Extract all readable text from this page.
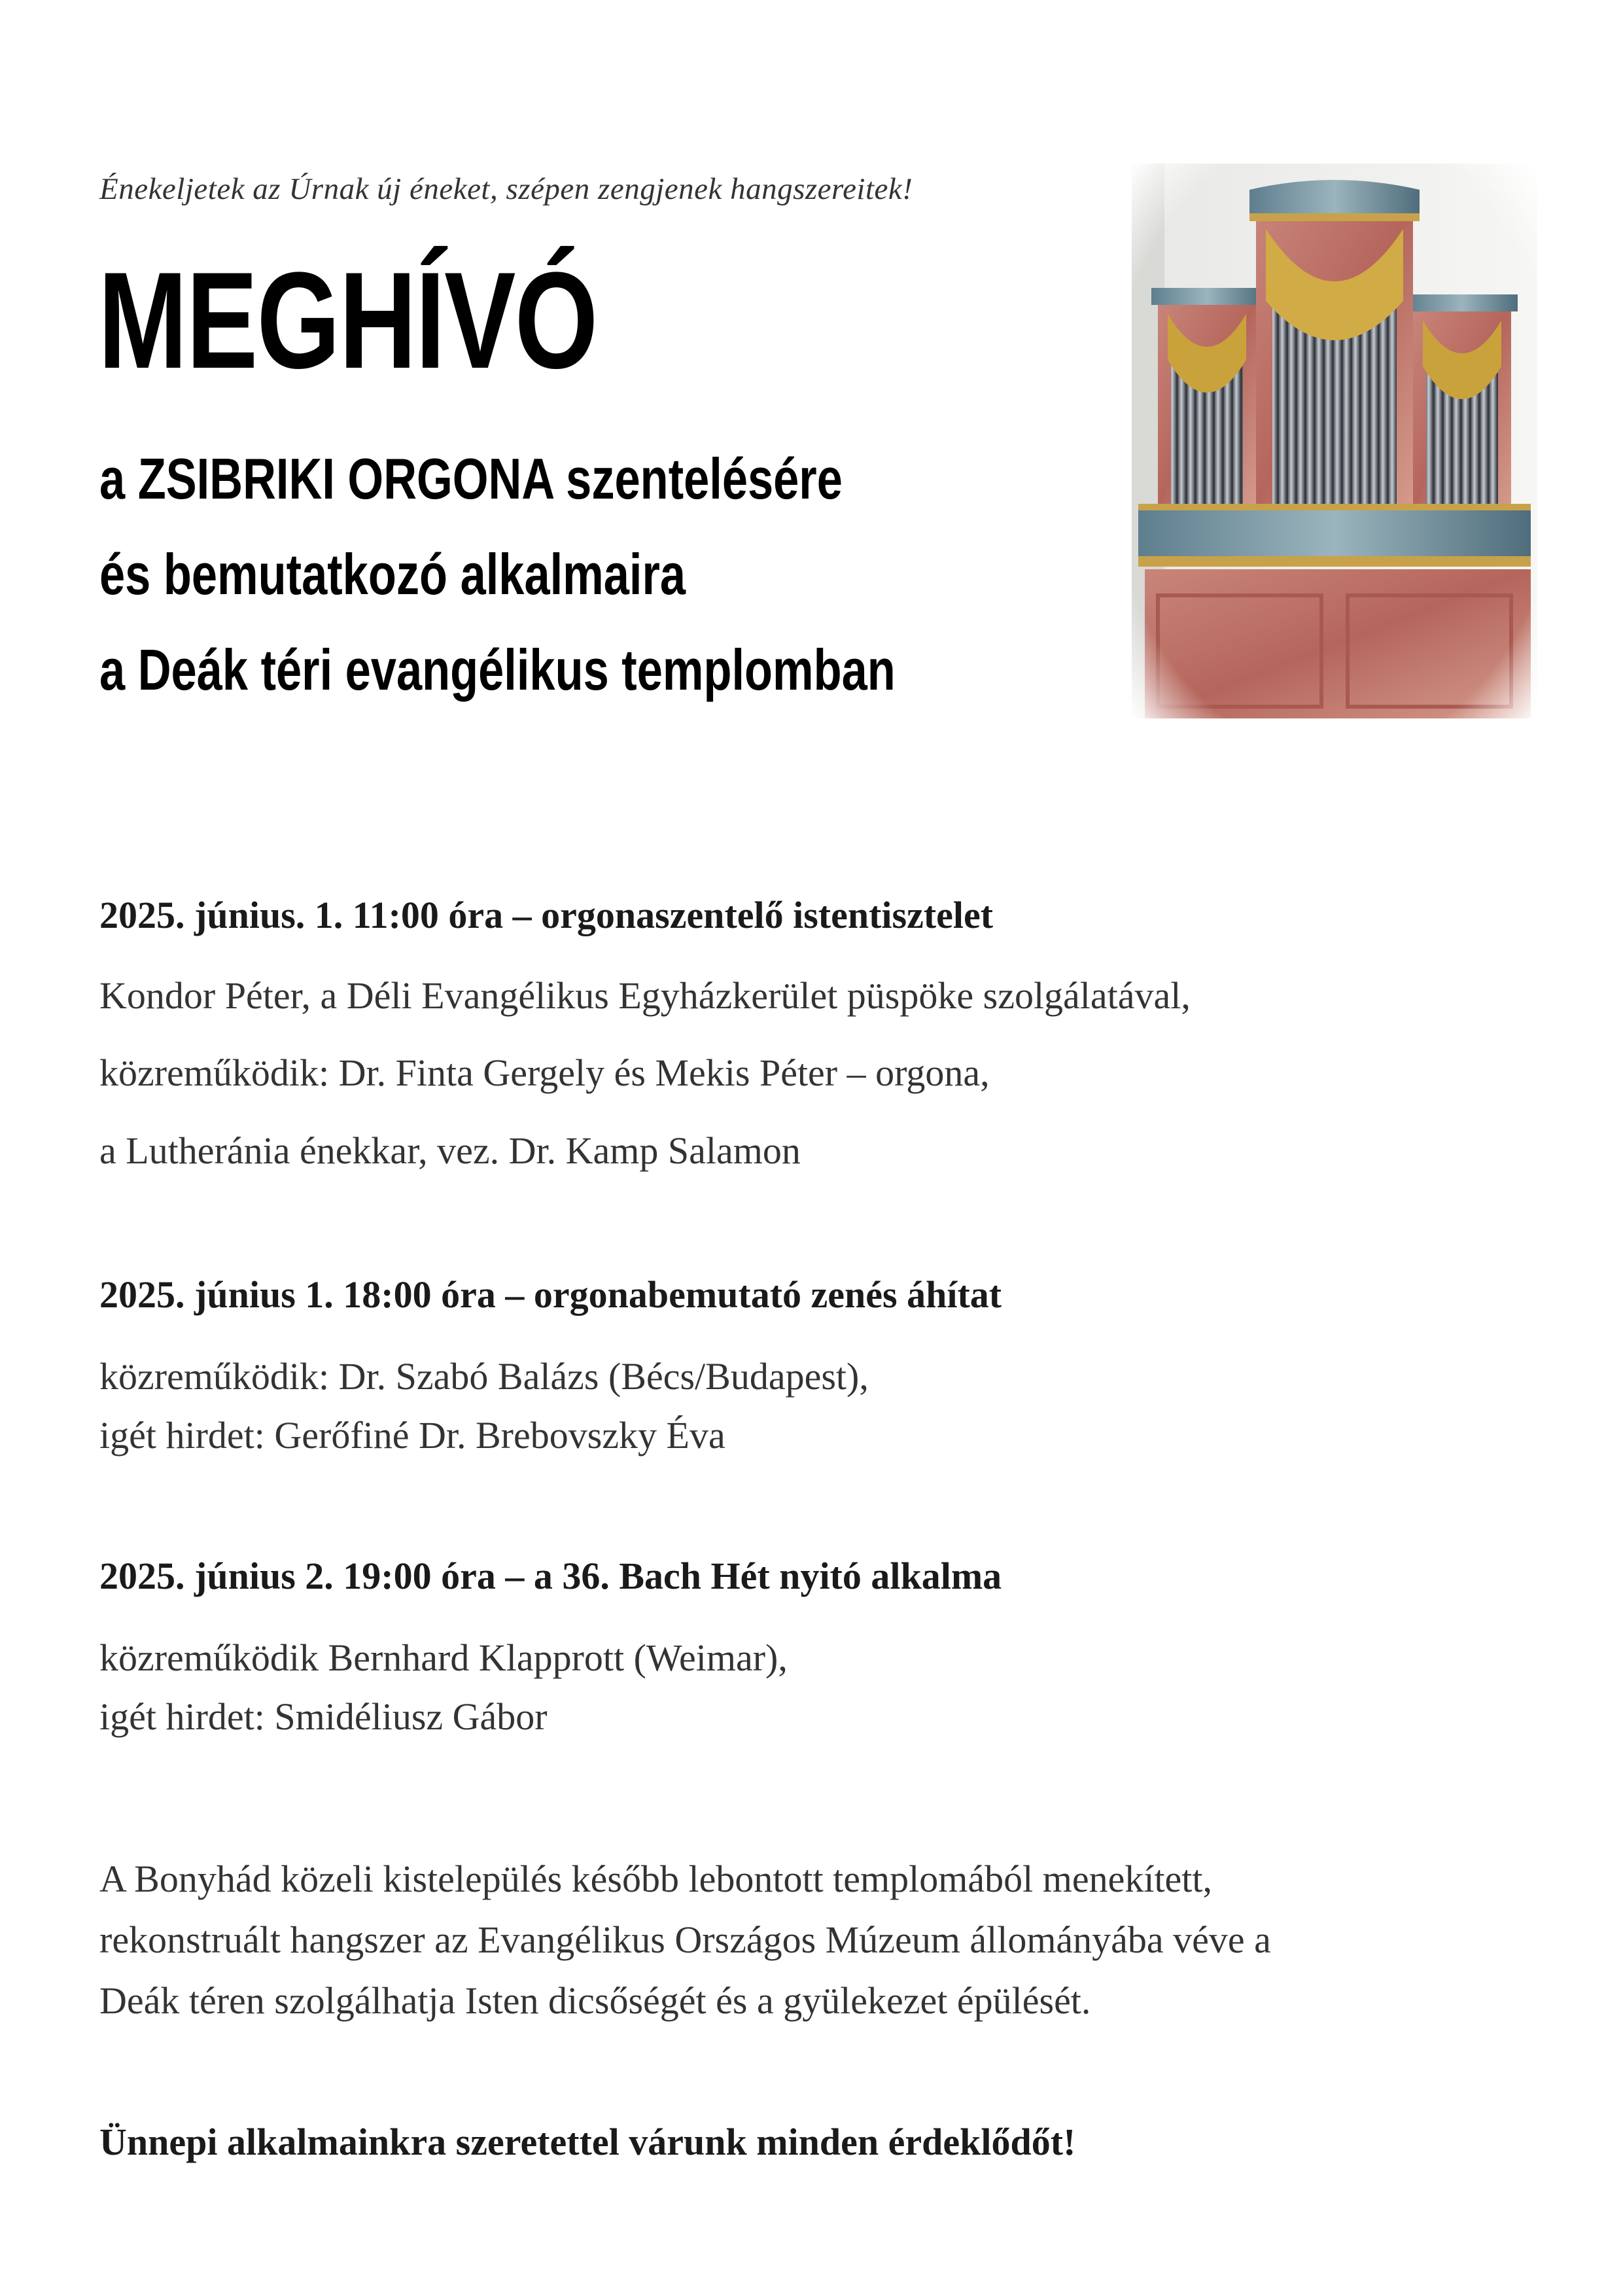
Énekeljetek az Úrnak új éneket, szépen zengjenek hangszereitek!
MEGHÍVÓ
a ZSIBRIKI ORGONA szentelésére
és bemutatkozó alkalmaira
a Deák téri evangélikus templomban
2025. június. 1. 11:00 óra – orgonaszentelő istentisztelet
Kondor Péter, a Déli Evangélikus Egyházkerület püspöke szolgálatával,
közreműködik: Dr. Finta Gergely és Mekis Péter – orgona,
a Lutheránia énekkar, vez. Dr. Kamp Salamon
2025. június 1. 18:00 óra – orgonabemutató zenés áhítat
közreműködik: Dr. Szabó Balázs (Bécs/Budapest),
igét hirdet: Gerőfiné Dr. Brebovszky Éva
2025. június 2. 19:00 óra – a 36. Bach Hét nyitó alkalma
közreműködik Bernhard Klapprott (Weimar),
igét hirdet: Smidéliusz Gábor
A Bonyhád közeli kistelepülés később lebontott templomából menekített,
rekonstruált hangszer az Evangélikus Országos Múzeum állományába véve a
Deák téren szolgálhatja Isten dicsőségét és a gyülekezet épülését.
Ünnepi alkalmainkra szeretettel várunk minden érdeklődőt!
